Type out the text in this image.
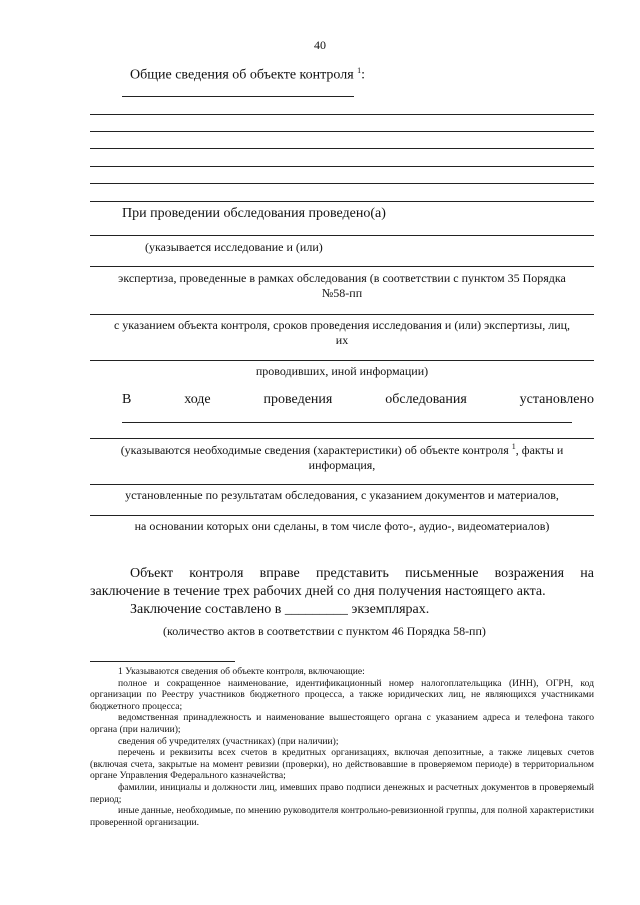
40
Общие сведения об объекте контроля $^1$:
При проведении обследования проведено(а)
(указывается исследование и (или)
экспертиза, проведенные в рамках обследования (в соответствии с пунктом 35 Порядка
№58-пп
с указанием объекта контроля, сроков проведения исследования и (или) экспертизы, лиц,
их
проводивших, иной информации)
В	ходе	проведения	обследования	установлено
(указываются необходимые сведения (характеристики) об объекте контроля $^1$, факты и
информация,
установленные по результатам обследования, с указанием документов и материалов,
на основании которых они сделаны, в том числе фото-, аудио-, видеоматериалов)
Объект контроля вправе представить письменные возражения на
заключение в течение трех рабочих дней со дня получения настоящего акта.
Заключение составлено в _________ экземплярах.
(количество актов в соответствии с пунктом 46 Порядка 58-пп)

1 Указываются сведения об объекте контроля, включающие:

полное и сокращенное наименование, идентификационный номер налогоплательщика (ИНН), ОГРН, код организации по Реестру участников бюджетного процесса, а также юридических лиц, не являющихся участниками бюджетного процесса;

ведомственная принадлежность и наименование вышестоящего органа с указанием адреса и телефона такого органа (при наличии);

сведения об учредителях (участниках) (при наличии);

перечень и реквизиты всех счетов в кредитных организациях, включая депозитные, а также лицевых счетов (включая счета, закрытые на момент ревизии (проверки), но действовавшие в проверяемом периоде) в территориальном органе Управления Федерального казначейства;

фамилии, инициалы и должности лиц, имевших право подписи денежных и расчетных документов в проверяемый период;

иные данные, необходимые, по мнению руководителя контрольно-ревизионной группы, для полной характеристики проверенной организации.
